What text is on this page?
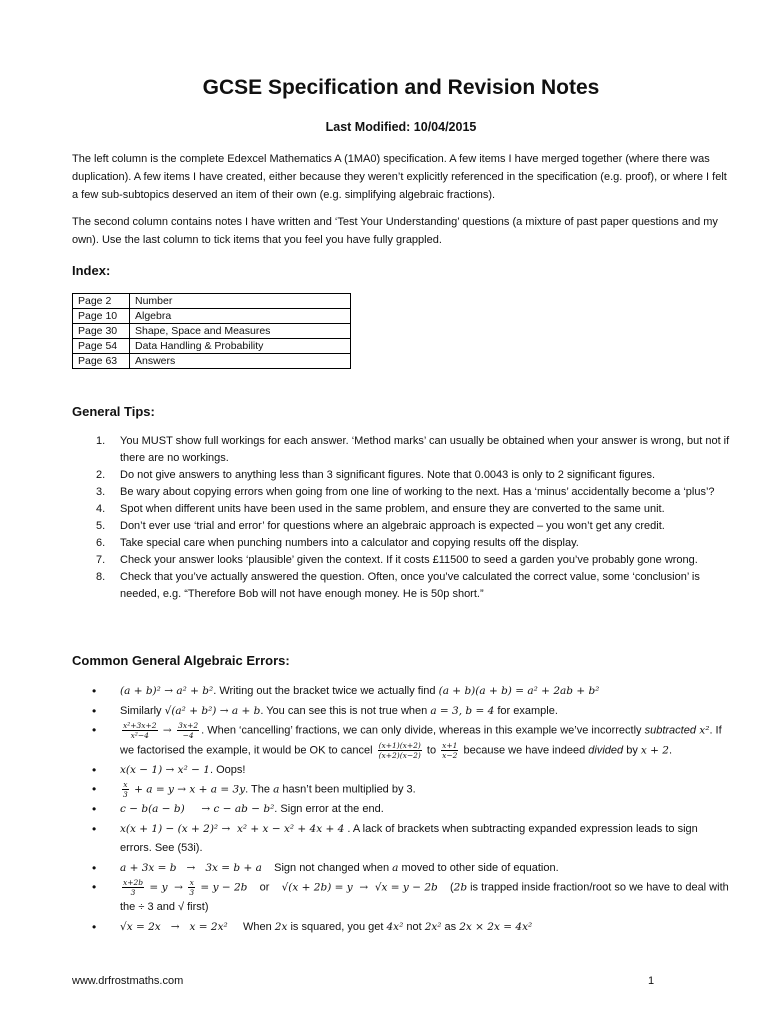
GCSE Specification and Revision Notes
Last Modified: 10/04/2015

The left column is the complete Edexcel Mathematics A (1MA0) specification. A few items I have merged together (where there was duplication). A few items I have created, either because they weren’t explicitly referenced in the specification (e.g. proof), or where I felt a few sub-subtopics deserved an item of their own (e.g. simplifying algebraic fractions).

The second column contains notes I have written and ‘Test Your Understanding’ questions (a mixture of past paper questions and my own). Use the last column to tick items that you feel you have fully grappled.

Index:
Page 2	Number
Page 10	Algebra
Page 30	Shape, Space and Measures
Page 54	Data Handling & Probability
Page 63	Answers
General Tips:
1. You MUST show full workings for each answer. ‘Method marks’ can usually be obtained when your answer is wrong, but not if there are no workings.
2. Do not give answers to anything less than 3 significant figures. Note that 0.0043 is only to 2 significant figures.
3. Be wary about copying errors when going from one line of working to the next. Has a ‘minus’ accidentally become a ‘plus’?
4. Spot when different units have been used in the same problem, and ensure they are converted to the same unit.
5. Don’t ever use ‘trial and error’ for questions where an algebraic approach is expected – you won’t get any credit.
6. Take special care when punching numbers into a calculator and copying results off the display.
7. Check your answer looks ‘plausible’ given the context. If it costs £11500 to seed a garden you’ve probably gone wrong.
8. Check that you’ve actually answered the question. Often, once you’ve calculated the correct value, some ‘conclusion’ is needed, e.g. “Therefore Bob will not have enough money. He is 50p short.”
Common General Algebraic Errors:
• (a + b)² → a² + b². Writing out the bracket twice we actually find (a + b)(a + b) = a² + 2ab + b²
• Similarly √(a² + b²) → a + b. You can see this is not true when a = 3, b = 4 for example.
• $\frac{\text{x²+3x+2}}{\text{x²−4}} \to \frac{3x+2}{-4}$ . When ‘cancelling’ fractions, we can only divide, whereas in this example we’ve incorrectly subtracted x². If we factorised the example, it would be OK to cancel $\frac{(x+1)(x+2)}{(x+2)(x-2)}$ to $\frac{x+1}{x-2}$ because we have indeed divided by x + 2.
• x(x − 1) → x² − 1. Oops!
• $\frac{x}{3} + a = y \to x + a = 3y$. The a hasn’t been multiplied by 3.
• c − b(a − b)     → c − ab − b². Sign error at the end.
• x(x + 1) − (x + 2)² →  x² + x − x² + 4x + 4 . A lack of brackets when subtracting expanded expression leads to sign errors. See (53i).
• a + 3x = b   →   3x = b + a    Sign not changed when a moved to other side of equation.
• $\frac{x+2b}{3} = y \to \frac{x}{3} = y - 2b$    or    √(x + 2b) = y  →  √x = y − 2b    (2b is trapped inside fraction/root so we have to deal with the ÷ 3 and √ first)
• √x = 2x   →   x = 2x²     When 2x is squared, you get 4x² not 2x² as 2x × 2x = 4x²
www.drfrostmaths.com	1
